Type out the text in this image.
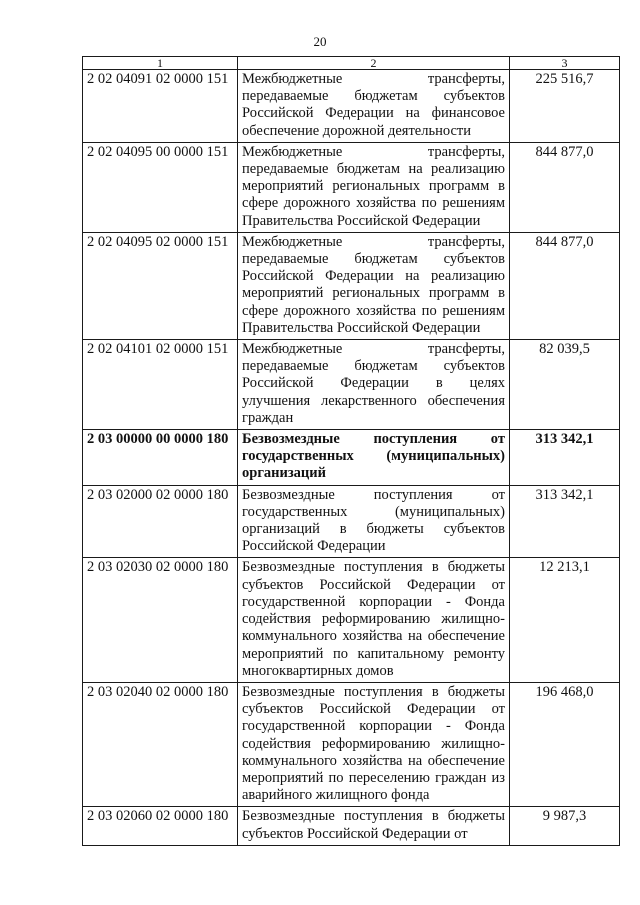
20
1	2	3
2 02 04091 02 0000 151	Межбюджетные трансферты, передаваемые бюджетам субъектов Российской Федерации на финансовое обеспечение дорожной деятельности	225 516,7
2 02 04095 00 0000 151	Межбюджетные трансферты, передаваемые бюджетам на реализацию мероприятий региональных программ в сфере дорожного хозяйства по решениям Правительства Российской Федерации	844 877,0
2 02 04095 02 0000 151	Межбюджетные трансферты, передаваемые бюджетам субъектов Российской Федерации на реализацию мероприятий региональных программ в сфере дорожного хозяйства по решениям Правительства Российской Федерации	844 877,0
2 02 04101 02 0000 151	Межбюджетные трансферты, передаваемые бюджетам субъектов Российской Федерации в целях улучшения лекарственного обеспечения граждан	82 039,5
2 03 00000 00 0000 180	Безвозмездные поступления от государственных (муниципальных) организаций	313 342,1
2 03 02000 02 0000 180	Безвозмездные поступления от государственных (муниципальных) организаций в бюджеты субъектов Российской Федерации	313 342,1
2 03 02030 02 0000 180	Безвозмездные поступления в бюджеты субъектов Российской Федерации от государственной корпорации - Фонда содействия реформированию жилищно-коммунального хозяйства на обеспечение мероприятий по капитальному ремонту многоквартирных домов	12 213,1
2 03 02040 02 0000 180	Безвозмездные поступления в бюджеты субъектов Российской Федерации от государственной корпорации - Фонда содействия реформированию жилищно-коммунального хозяйства на обеспечение мероприятий по переселению граждан из аварийного жилищного фонда	196 468,0
2 03 02060 02 0000 180	Безвозмездные поступления в бюджеты субъектов Российской Федерации от	9 987,3
